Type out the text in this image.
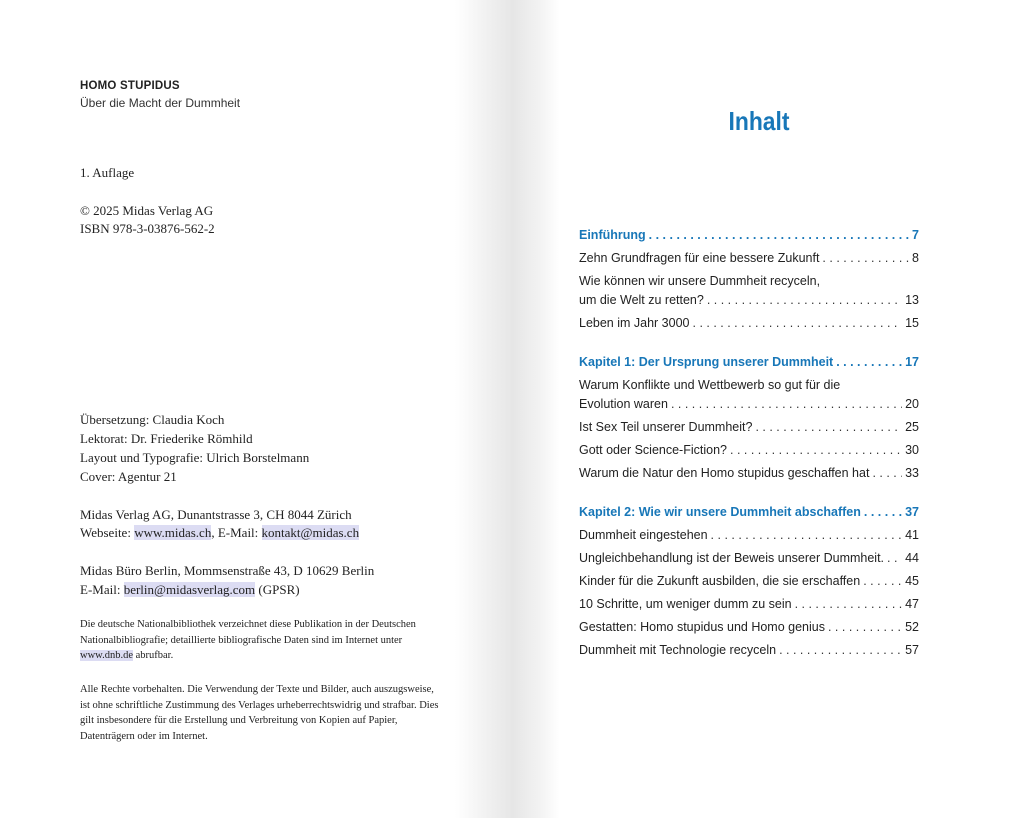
HOMO STUPIDUS
Über die Macht der Dummheit
1. Auflage
© 2025 Midas Verlag AG
ISBN 978-3-03876-562-2
Übersetzung: Claudia Koch
Lektorat: Dr. Friederike Römhild
Layout und Typografie: Ulrich Borstelmann
Cover: Agentur 21
Midas Verlag AG, Dunantstrasse 3, CH 8044 Zürich
Webseite: www.midas.ch, E-Mail: kontakt@midas.ch
Midas Büro Berlin, Mommsenstraße 43, D 10629 Berlin
E-Mail: berlin@midasverlag.com (GPSR)
Die deutsche Nationalbibliothek verzeichnet diese Publikation in der Deutschen Nationalbibliografie; detaillierte bibliografische Daten sind im Internet unter www.dnb.de abrufbar.
Alle Rechte vorbehalten. Die Verwendung der Texte und Bilder, auch auszugsweise, ist ohne schriftliche Zustimmung des Verlages urheberrechtswidrig und strafbar. Dies gilt insbesondere für die Erstellung und Verbreitung von Kopien auf Papier, Datenträgern oder im Internet.
Inhalt
Einführung . . .	7
Zehn Grundfragen für eine bessere Zukunft . . .	8
Wie können wir unsere Dummheit recyceln,
um die Welt zu retten? . . .	13
Leben im Jahr 3000 . . .	15
Kapitel 1: Der Ursprung unserer Dummheit . . .	17
Warum Konflikte und Wettbewerb so gut für die
Evolution waren . . .	20
Ist Sex Teil unserer Dummheit? . . .	25
Gott oder Science-Fiction? . . .	30
Warum die Natur den Homo stupidus geschaffen hat . . .	33
Kapitel 2: Wie wir unsere Dummheit abschaffen . . .	37
Dummheit eingestehen . . .	41
Ungleichbehandlung ist der Beweis unserer Dummheit. . . . 44
Kinder für die Zukunft ausbilden, die sie erschaffen . . .	45
10 Schritte, um weniger dumm zu sein . . .	47
Gestatten: Homo stupidus und Homo genius . . .	52
Dummheit mit Technologie recyceln . . .	57
